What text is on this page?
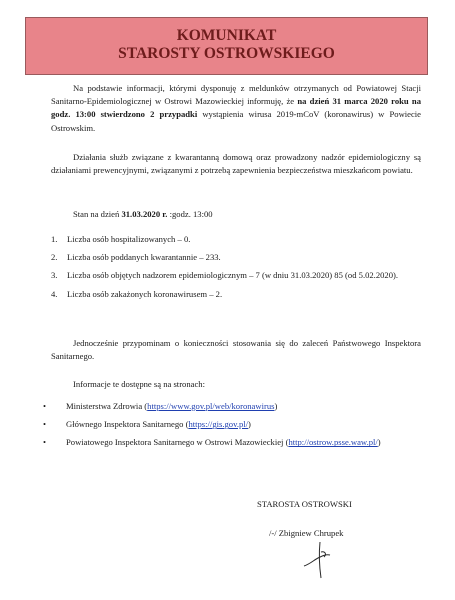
KOMUNIKAT
STAROSTY OSTROWSKIEGO

Na podstawie informacji, którymi dysponuję z meldunków otrzymanych od Powiatowej Stacji Sanitarno-Epidemiologicznej w Ostrowi Mazowieckiej informuję, że na dzień 31 marca 2020 roku na godz. 13:00 stwierdzono 2 przypadki wystąpienia wirusa 2019-mCoV (koronawirus) w Powiecie Ostrowskim.

Działania służb związane z kwarantanną domową oraz prowadzony nadzór epidemiologiczny są działaniami prewencyjnymi, związanymi z potrzebą zapewnienia bezpieczeństwa mieszkańcom powiatu.

Stan na dzień 31.03.2020 r. :godz. 13:00
1. Liczba osób hospitalizowanych – 0.
2. Liczba osób poddanych kwarantannie – 233.
3. Liczba osób objętych nadzorem epidemiologicznym – 7 (w dniu 31.03.2020) 85 (od 5.02.2020).
4. Liczba osób zakażonych koronawirusem – 2.

Jednocześnie przypominam o konieczności stosowania się do zaleceń Państwowego Inspektora Sanitarnego.

Informacje te dostępne są na stronach:
• Ministerstwa Zdrowia (https://www.gov.pl/web/koronawirus)
• Głównego Inspektora Sanitarnego (https://gis.gov.pl/)
• Powiatowego Inspektora Sanitarnego w Ostrowi Mazowieckiej (http://ostrow.psse.waw.pl/)
STAROSTA OSTROWSKI
/-/ Zbigniew Chrupek
